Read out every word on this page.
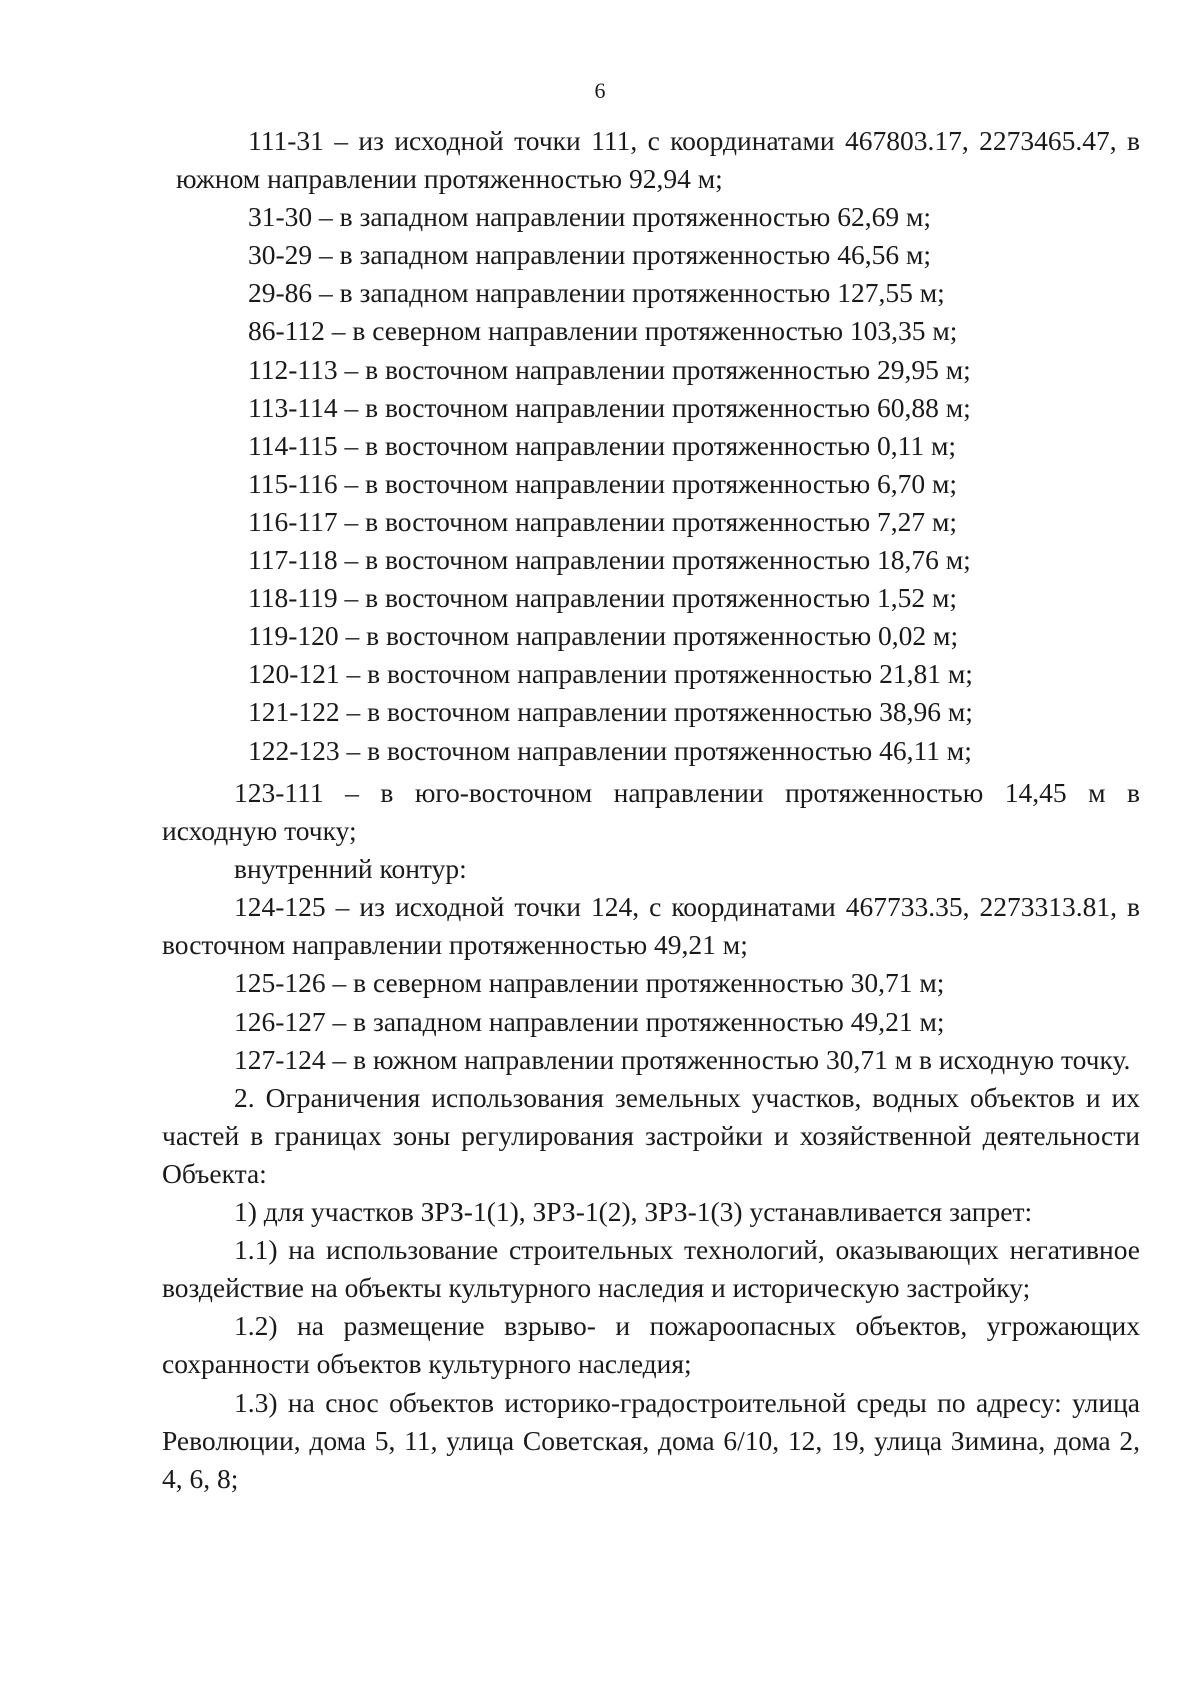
6

111-31 – из исходной точки 111, с координатами 467803.17, 2273465.47, в южном направлении протяженностью 92,94 м;

31-30 – в западном направлении протяженностью 62,69 м;

30-29 – в западном направлении протяженностью 46,56 м;

29-86 – в западном направлении протяженностью 127,55 м;

86-112 – в северном направлении протяженностью 103,35 м;

112-113 – в восточном направлении протяженностью 29,95 м;

113-114 – в восточном направлении протяженностью 60,88 м;

114-115 – в восточном направлении протяженностью 0,11 м;

115-116 – в восточном направлении протяженностью 6,70 м;

116-117 – в восточном направлении протяженностью 7,27 м;

117-118 – в восточном направлении протяженностью 18,76 м;

118-119 – в восточном направлении протяженностью 1,52 м;

119-120 – в восточном направлении протяженностью 0,02 м;

120-121 – в восточном направлении протяженностью 21,81 м;

121-122 – в восточном направлении протяженностью 38,96 м;

122-123 – в восточном направлении протяженностью 46,11 м;

123-111 – в юго-восточном направлении протяженностью 14,45 м в исходную точку;

внутренний контур:

124-125 – из исходной точки 124, с координатами 467733.35, 2273313.81, в восточном направлении протяженностью 49,21 м;

125-126 – в северном направлении протяженностью 30,71 м;

126-127 – в западном направлении протяженностью 49,21 м;

127-124 – в южном направлении протяженностью 30,71 м в исходную точку.

2. Ограничения использования земельных участков, водных объектов и их частей в границах зоны регулирования застройки и хозяйственной деятельности Объекта:

1) для участков ЗРЗ-1(1), ЗРЗ-1(2), ЗРЗ-1(3) устанавливается запрет:

1.1) на использование строительных технологий, оказывающих негативное воздействие на объекты культурного наследия и историческую застройку;

1.2) на размещение взрыво- и пожароопасных объектов, угрожающих сохранности объектов культурного наследия;

1.3) на снос объектов историко-градостроительной среды по адресу: улица Революции, дома 5, 11, улица Советская, дома 6/10, 12, 19, улица Зимина, дома 2, 4, 6, 8;
